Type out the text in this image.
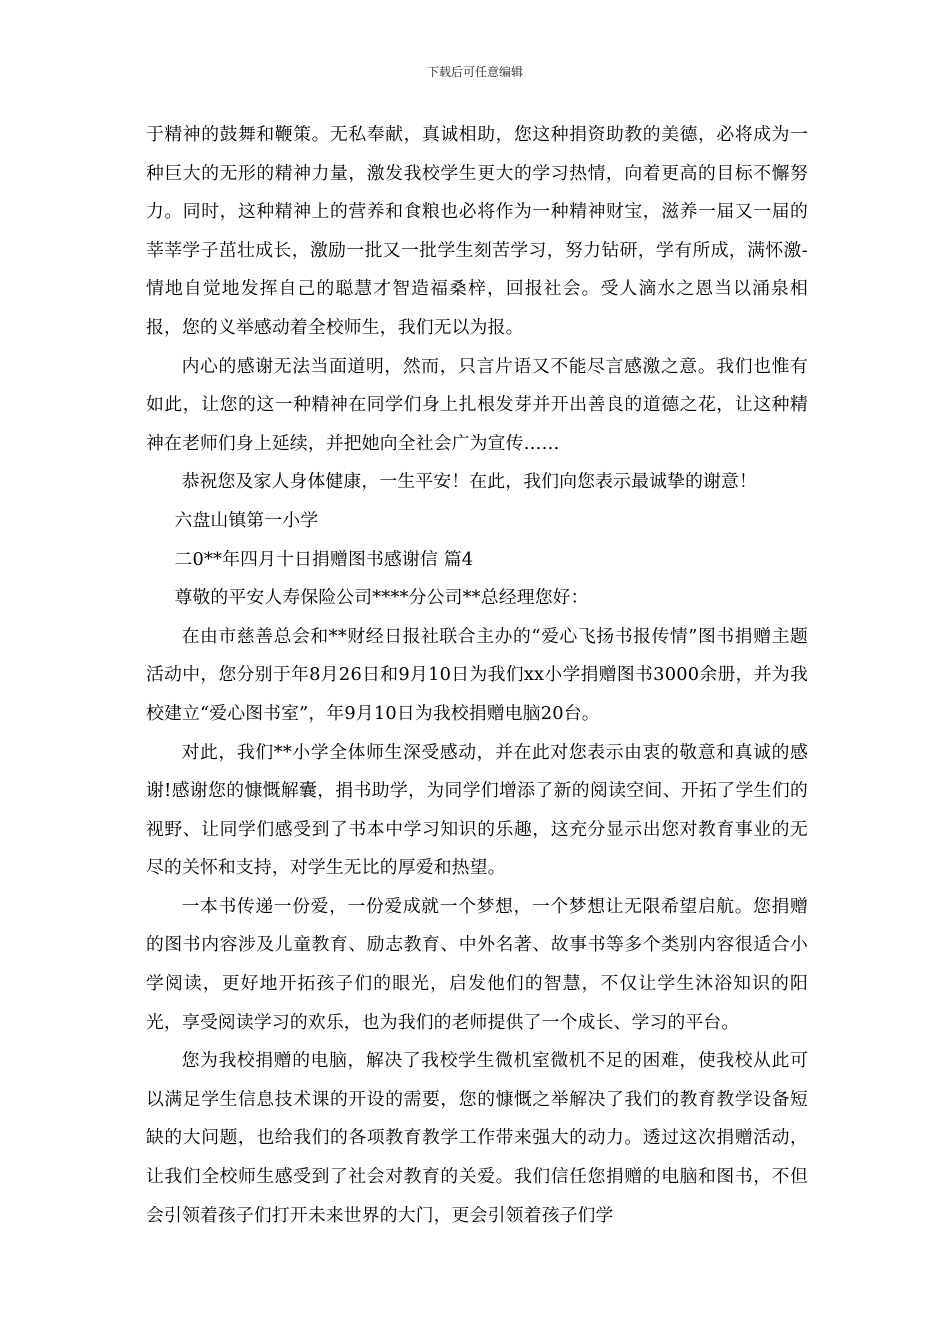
下载后可任意编辑

于精神的鼓舞和鞭策。无私奉献，真诚相助，您这种捐资助教的美德，必将成为一种巨大的无形的精神力量，激发我校学生更大的学习热情，向着更高的目标不懈努力。同时，这种精神上的营养和食粮也必将作为一种精神财宝，滋养一届又一届的莘莘学子茁壮成长，激励一批又一批学生刻苦学习，努力钻研，学有所成，满怀激-情地自觉地发挥自己的聪慧才智造福桑梓，回报社会。受人滴水之恩当以涌泉相报，您的义举感动着全校师生，我们无以为报。

内心的感谢无法当面道明，然而，只言片语又不能尽言感激之意。我们也惟有如此，让您的这一种精神在同学们身上扎根发芽并开出善良的道德之花，让这种精神在老师们身上延续，并把她向全社会广为宣传……

恭祝您及家人身体健康，一生平安！在此，我们向您表示最诚挚的谢意！

六盘山镇第一小学

二0**年四月十日捐赠图书感谢信 篇4

尊敬的平安人寿保险公司****分公司**总经理您好：

在由市慈善总会和**财经日报社联合主办的“爱心飞扬书报传情”图书捐赠主题活动中，您分别于年8月26日和9月10日为我们xx小学捐赠图书3000余册，并为我校建立“爱心图书室”，年9月10日为我校捐赠电脑20台。

对此，我们**小学全体师生深受感动，并在此对您表示由衷的敬意和真诚的感谢!感谢您的慷慨解囊，捐书助学，为同学们增添了新的阅读空间、开拓了学生们的视野、让同学们感受到了书本中学习知识的乐趣，这充分显示出您对教育事业的无尽的关怀和支持，对学生无比的厚爱和热望。

一本书传递一份爱，一份爱成就一个梦想，一个梦想让无限希望启航。您捐赠的图书内容涉及儿童教育、励志教育、中外名著、故事书等多个类别内容很适合小学阅读，更好地开拓孩子们的眼光，启发他们的智慧，不仅让学生沐浴知识的阳光，享受阅读学习的欢乐，也为我们的老师提供了一个成长、学习的平台。

您为我校捐赠的电脑，解决了我校学生微机室微机不足的困难，使我校从此可以满足学生信息技术课的开设的需要，您的慷慨之举解决了我们的教育教学设备短缺的大问题，也给我们的各项教育教学工作带来强大的动力。透过这次捐赠活动，让我们全校师生感受到了社会对教育的关爱。我们信任您捐赠的电脑和图书，不但会引领着孩子们打开未来世界的大门，更会引领着孩子们学
